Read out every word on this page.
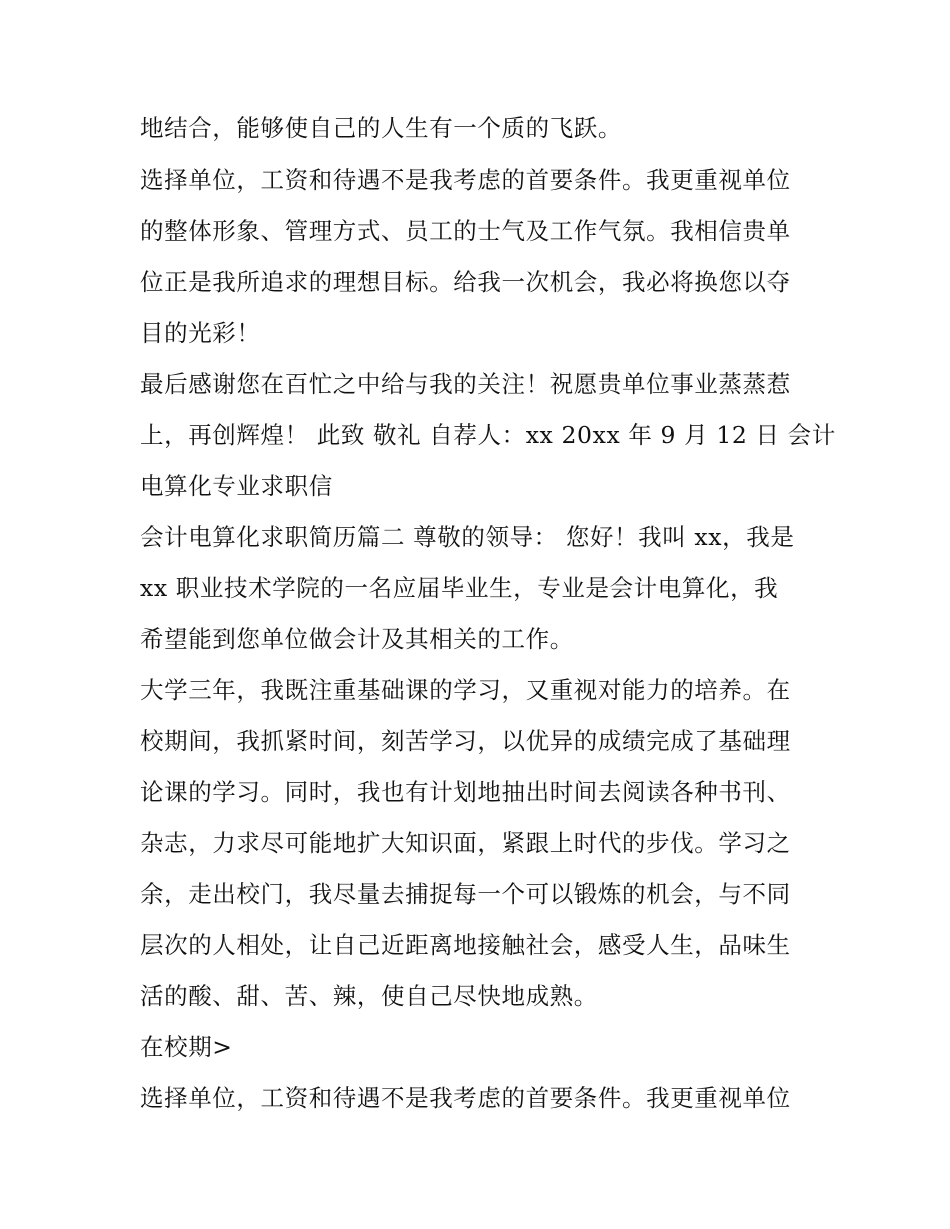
地结合，能够使自己的人生有一个质的飞跃。
选择单位，工资和待遇不是我考虑的首要条件。我更重视单位
的整体形象、管理方式、员工的士气及工作气氛。我相信贵单
位正是我所追求的理想目标。给我一次机会，我必将换您以夺
目的光彩！
最后感谢您在百忙之中给与我的关注！祝愿贵单位事业蒸蒸惹
上，再创辉煌！ 此致 敬礼 自荐人：xx 20xx 年 9 月 12 日 会计
电算化专业求职信
会计电算化求职简历篇二 尊敬的领导： 您好！我叫 xx，我是
xx 职业技术学院的一名应届毕业生，专业是会计电算化，我
希望能到您单位做会计及其相关的工作。
大学三年，我既注重基础课的学习，又重视对能力的培养。在
校期间，我抓紧时间，刻苦学习，以优异的成绩完成了基础理
论课的学习。同时，我也有计划地抽出时间去阅读各种书刊、
杂志，力求尽可能地扩大知识面，紧跟上时代的步伐。学习之
余，走出校门，我尽量去捕捉每一个可以锻炼的机会，与不同
层次的人相处，让自己近距离地接触社会，感受人生，品味生
活的酸、甜、苦、辣，使自己尽快地成熟。
在校期>
选择单位，工资和待遇不是我考虑的首要条件。我更重视单位
